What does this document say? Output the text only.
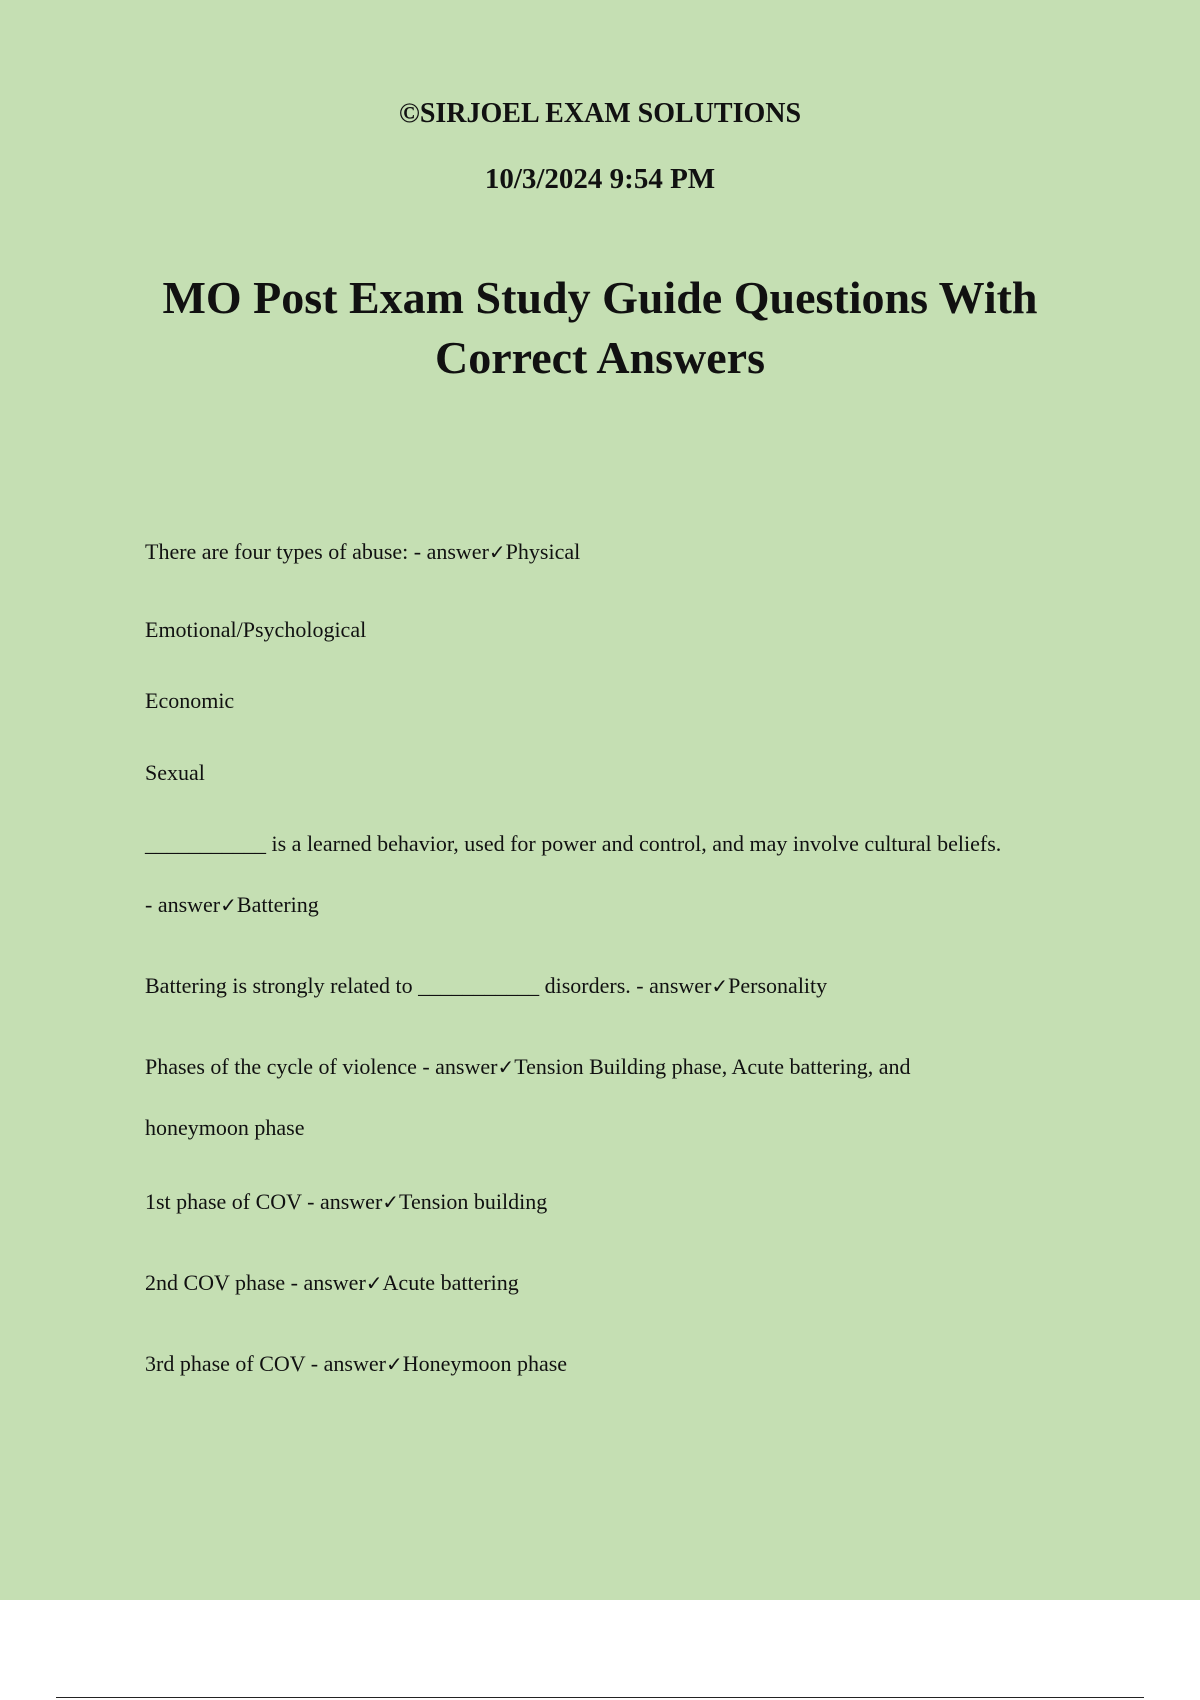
©SIRJOEL EXAM SOLUTIONS
10/3/2024 9:54 PM
MO Post Exam Study Guide Questions With
Correct Answers
There are four types of abuse: - answer✓Physical
Emotional/Psychological
Economic
Sexual
___________ is a learned behavior, used for power and control, and may involve cultural beliefs.
- answer✓Battering
Battering is strongly related to ___________ disorders. - answer✓Personality
Phases of the cycle of violence - answer✓Tension Building phase, Acute battering, and
honeymoon phase
1st phase of COV - answer✓Tension building
2nd COV phase - answer✓Acute battering
3rd phase of COV - answer✓Honeymoon phase
